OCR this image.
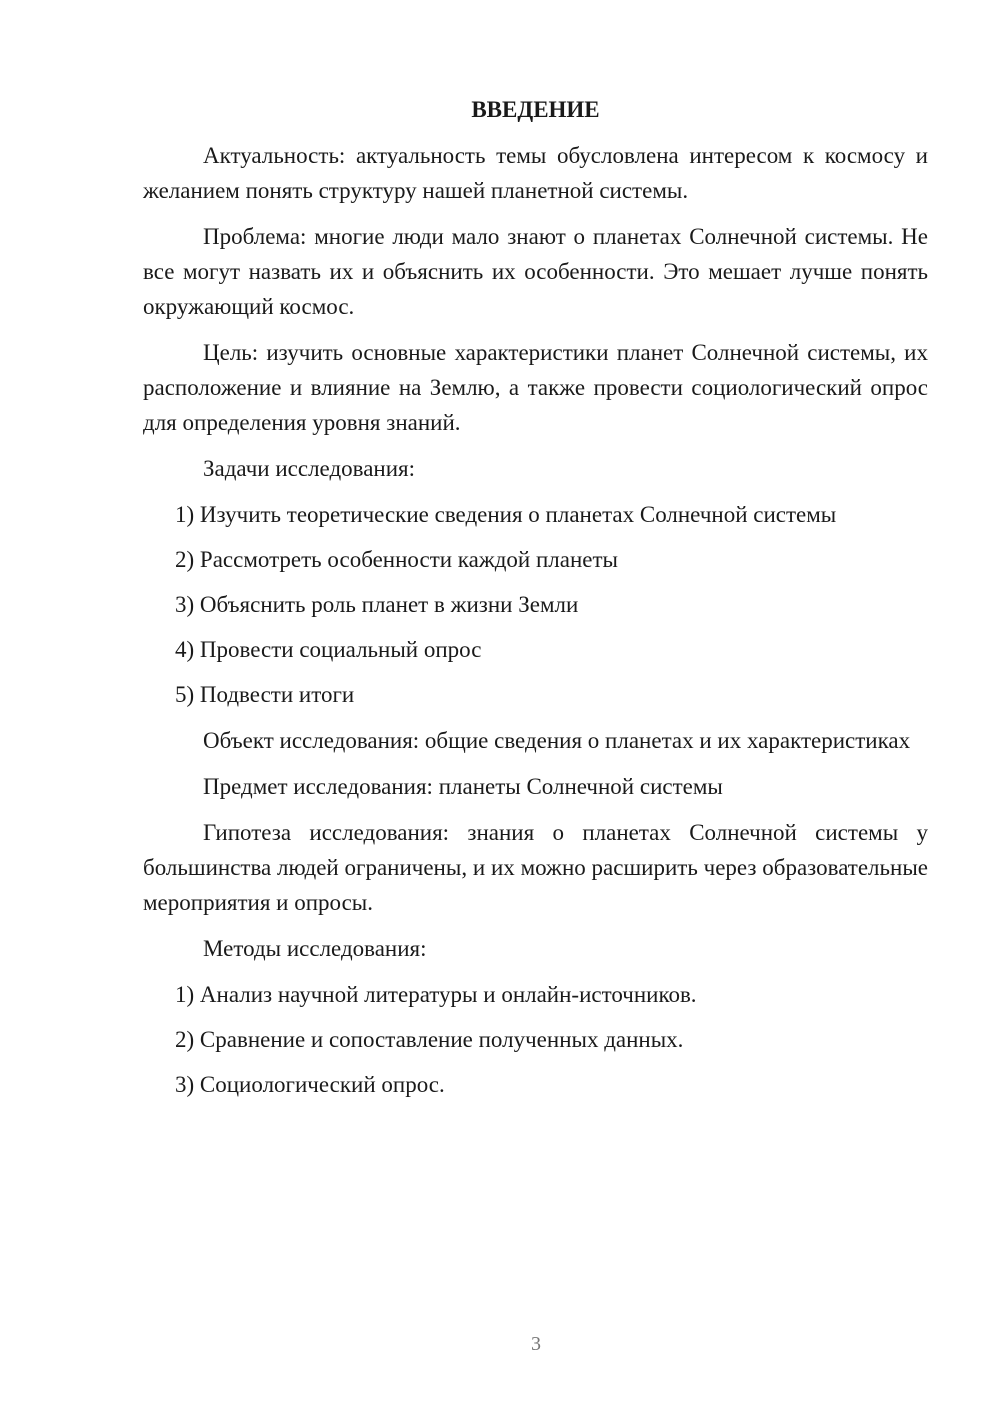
ВВЕДЕНИЕ

Актуальность: актуальность темы обусловлена интересом к космосу и желанием понять структуру нашей планетной системы.

Проблема: многие люди мало знают о планетах Солнечной системы. Не все могут назвать их и объяснить их особенности. Это мешает лучше понять окружающий космос.

Цель: изучить основные характеристики планет Солнечной системы, их расположение и влияние на Землю, а также провести социологический опрос для определения уровня знаний.

Задачи исследования:

1) Изучить теоретические сведения о планетах Солнечной системы
2) Рассмотреть особенности каждой планеты
3) Объяснить роль планет в жизни Земли
4) Провести социальный опрос
5) Подвести итоги

Объект исследования: общие сведения о планетах и их характеристиках

Предмет исследования: планеты Солнечной системы

Гипотеза исследования: знания о планетах Солнечной системы у большинства людей ограничены, и их можно расширить через образовательные мероприятия и опросы.

Методы исследования:

1) Анализ научной литературы и онлайн-источников.
2) Сравнение и сопоставление полученных данных.
3) Социологический опрос.
3
